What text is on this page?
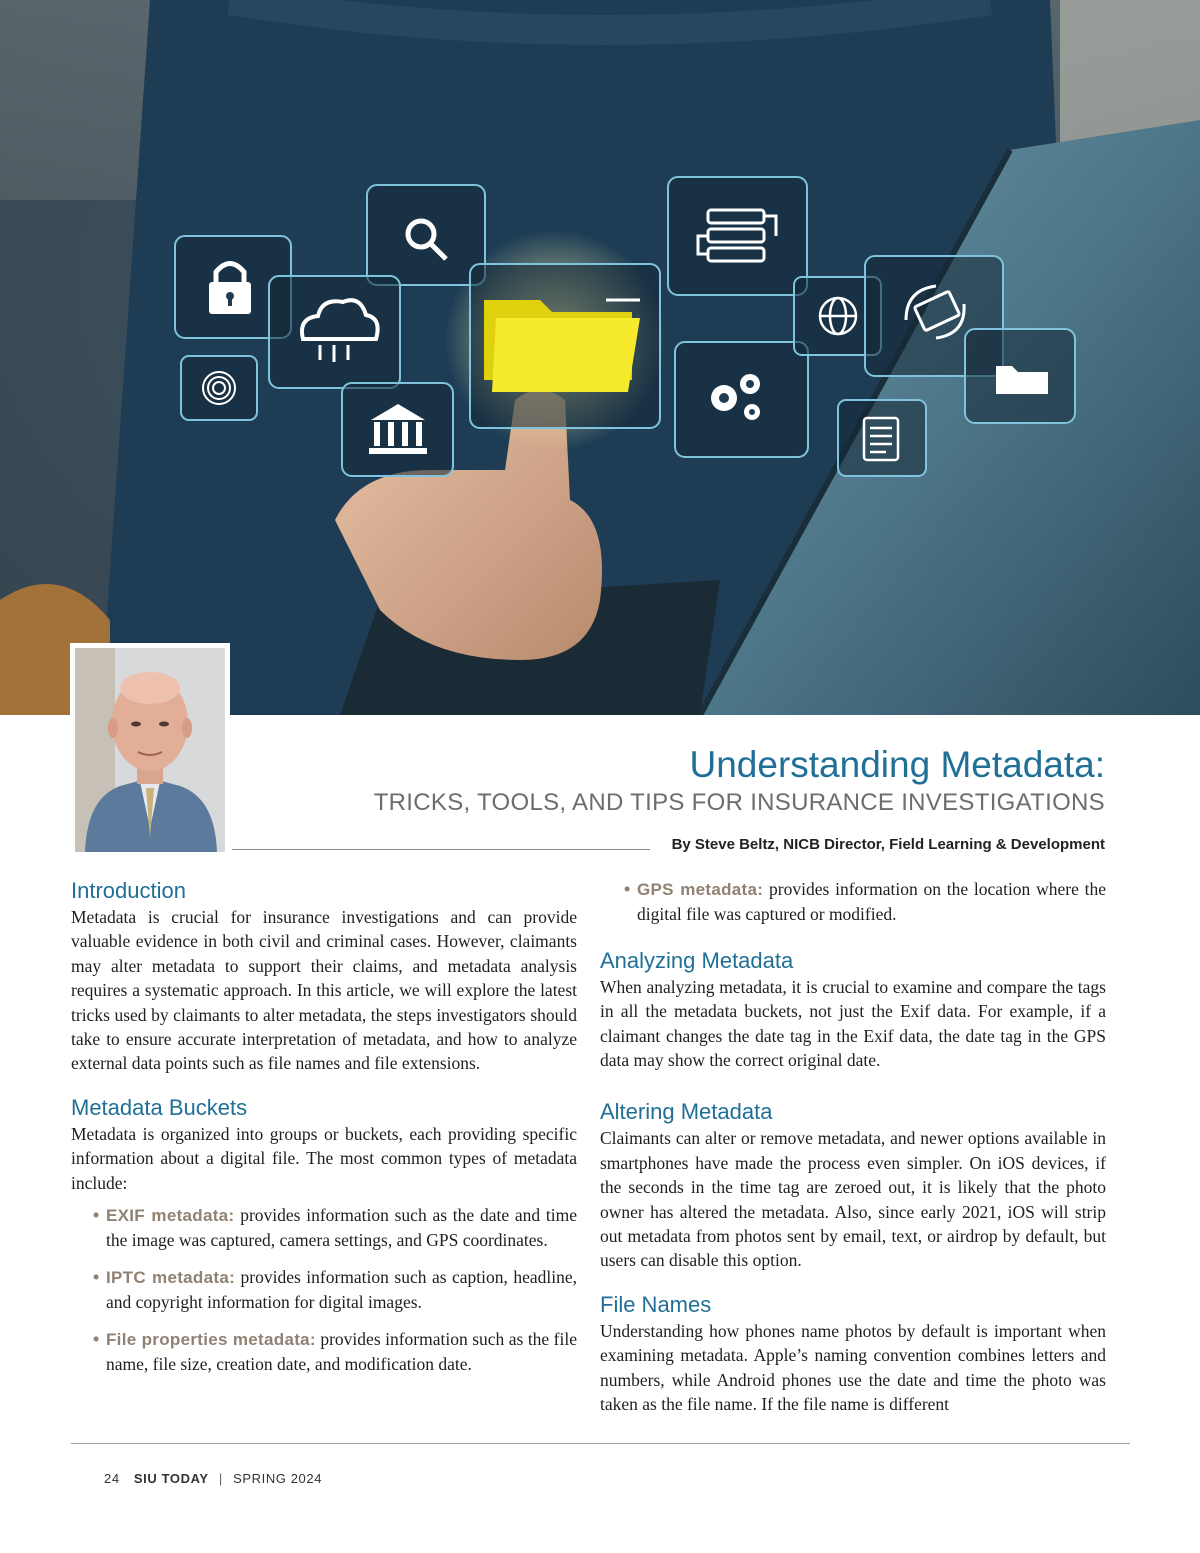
Understanding Metadata:
TRICKS, TOOLS, AND TIPS FOR INSURANCE INVESTIGATIONS
By Steve Beltz, NICB Director, Field Learning & Development
Introduction

Metadata is crucial for insurance investigations and can provide valuable evidence in both civil and criminal cases. However, claimants may alter metadata to support their claims, and metadata analysis requires a systematic approach. In this article, we will explore the latest tricks used by claimants to alter metadata, the steps investigators should take to ensure accurate interpretation of metadata, and how to analyze external data points such as file names and file extensions.

Metadata Buckets

Metadata is organized into groups or buckets, each providing specific information about a digital file. The most common types of metadata include:

• EXIF metadata: provides information such as the date and time the image was captured, camera settings, and GPS coordinates.
• IPTC metadata: provides information such as caption, headline, and copyright information for digital images.
• File properties metadata: provides information such as the file name, file size, creation date, and modification date.
• GPS metadata: provides information on the location where the digital file was captured or modified.
Analyzing Metadata

When analyzing metadata, it is crucial to examine and compare the tags in all the metadata buckets, not just the Exif data. For example, if a claimant changes the date tag in the Exif data, the date tag in the GPS data may show the correct original date.

Altering Metadata

Claimants can alter or remove metadata, and newer options available in smartphones have made the process even simpler. On iOS devices, if the seconds in the time tag are zeroed out, it is likely that the photo owner has altered the metadata. Also, since early 2021, iOS will strip out metadata from photos sent by email, text, or airdrop by default, but users can disable this option.

File Names

Understanding how phones name photos by default is important when examining metadata. Apple’s naming convention combines letters and numbers, while Android phones use the date and time the photo was taken as the file name. If the file name is different

24 SIU TODAY | SPRING 2024
